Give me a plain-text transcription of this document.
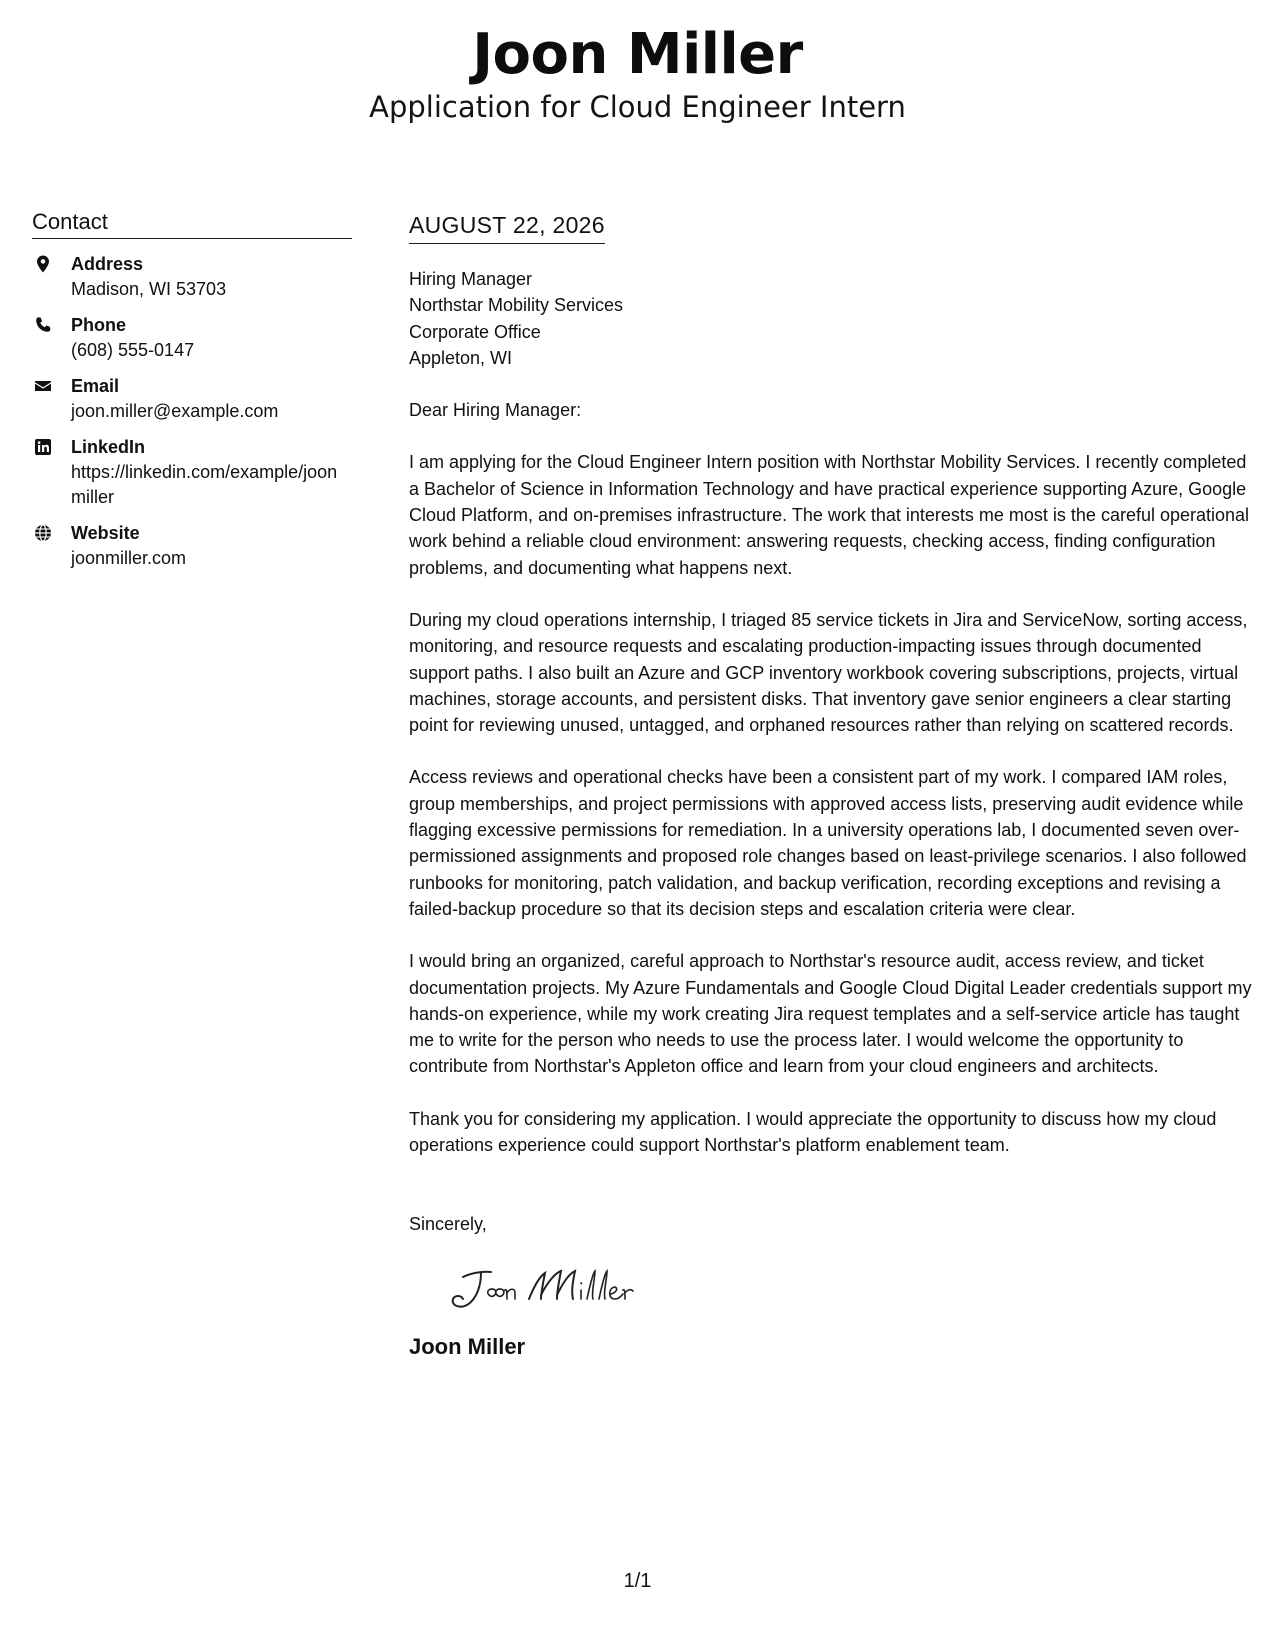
Joon Miller
Application for Cloud Engineer Intern
Contact
Address
Madison, WI 53703
Phone
(608) 555-0147
Email
joon.miller@example.com
LinkedIn
https://linkedin.com/example/joonmiller
Website
joonmiller.com
AUGUST 22, 2026
Hiring Manager
Northstar Mobility Services
Corporate Office
Appleton, WI
Dear Hiring Manager:
I am applying for the Cloud Engineer Intern position with Northstar Mobility Services. I recently completed a Bachelor of Science in Information Technology and have practical experience supporting Azure, Google Cloud Platform, and on-premises infrastructure. The work that interests me most is the careful operational work behind a reliable cloud environment: answering requests, checking access, finding configuration problems, and documenting what happens next.
During my cloud operations internship, I triaged 85 service tickets in Jira and ServiceNow, sorting access, monitoring, and resource requests and escalating production-impacting issues through documented support paths. I also built an Azure and GCP inventory workbook covering subscriptions, projects, virtual machines, storage accounts, and persistent disks. That inventory gave senior engineers a clear starting point for reviewing unused, untagged, and orphaned resources rather than relying on scattered records.
Access reviews and operational checks have been a consistent part of my work. I compared IAM roles, group memberships, and project permissions with approved access lists, preserving audit evidence while flagging excessive permissions for remediation. In a university operations lab, I documented seven over-permissioned assignments and proposed role changes based on least-privilege scenarios. I also followed runbooks for monitoring, patch validation, and backup verification, recording exceptions and revising a failed-backup procedure so that its decision steps and escalation criteria were clear.
I would bring an organized, careful approach to Northstar's resource audit, access review, and ticket documentation projects. My Azure Fundamentals and Google Cloud Digital Leader credentials support my hands-on experience, while my work creating Jira request templates and a self-service article has taught me to write for the person who needs to use the process later. I would welcome the opportunity to contribute from Northstar's Appleton office and learn from your cloud engineers and architects.
Thank you for considering my application. I would appreciate the opportunity to discuss how my cloud operations experience could support Northstar's platform enablement team.
Sincerely,
Joon Miller
1/1
